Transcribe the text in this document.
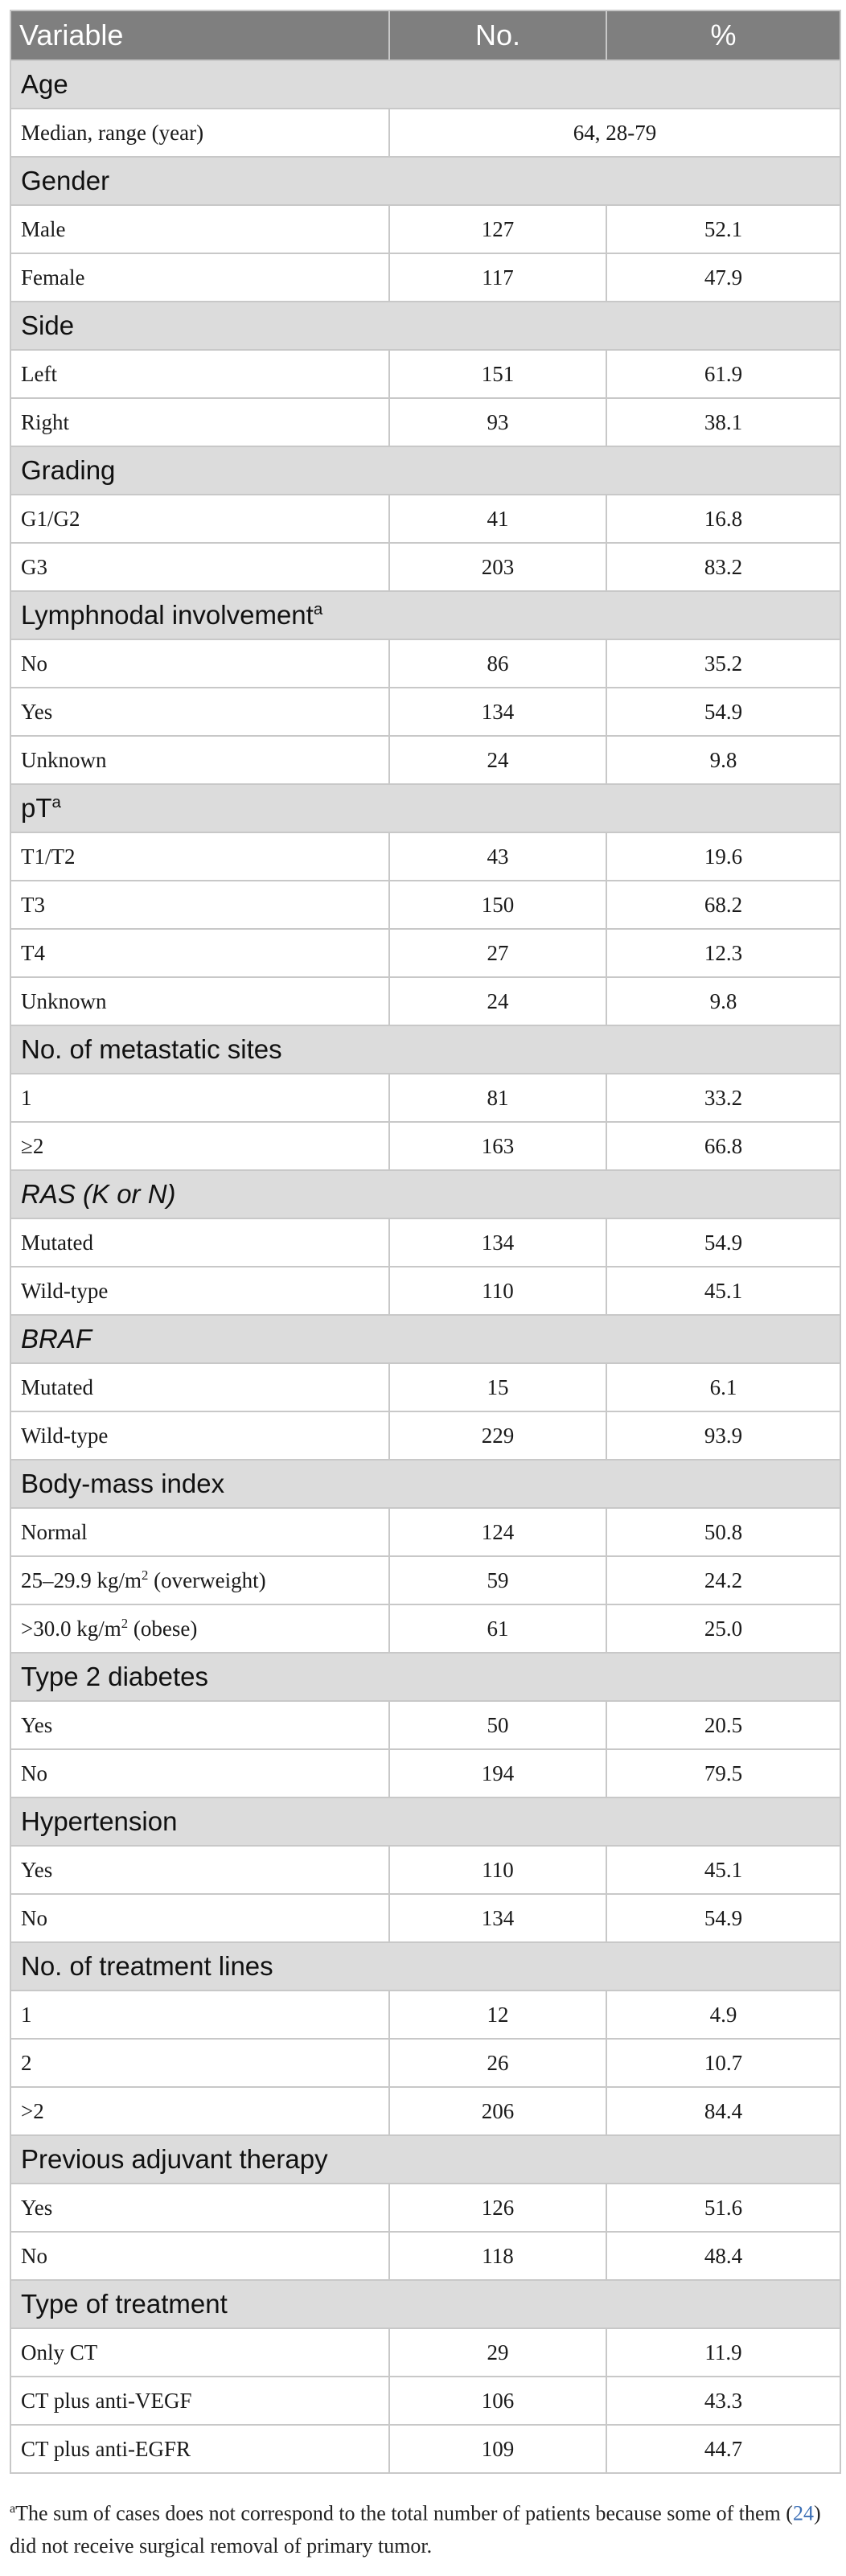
Variable	No.	%
Age		
Median, range (year)	64, 28-79	
Gender		
Male	127	52.1
Female	117	47.9
Side		
Left	151	61.9
Right	93	38.1
Grading		
G1/G2	41	16.8
G3	203	83.2
Lymphnodal involvement$^a$
No	86	35.2
Yes	134	54.9
Unknown	24	9.8
$pT^a$
T1/T2	43	19.6
T3	150	68.2
T4	27	12.3
Unknown	24	9.8
No. of metastatic sites		
1	81	33.2
≥2	163	66.8
RAS (K or N)		
Mutated	134	54.9
Wild-type	110	45.1
BRAF		
Mutated	15	6.1
Wild-type	229	93.9
Body-mass index		
Normal	124	50.8
25–29.9 $kg/m^2$ (overweight)	59	24.2
>30.0 $kg/m^2$ (obese)	61	25.0
Type 2 diabetes		
Yes	50	20.5
No	194	79.5
Hypertension		
Yes	110	45.1
No	134	54.9
No. of treatment lines		
1	12	4.9
2	26	10.7
>2	206	84.4
Previous adjuvant therapy		
Yes	126	51.6
No	118	48.4
Type of treatment		
Only CT	29	11.9
CT plus anti-VEGF	106	43.3
CT plus anti-EGFR	109	44.7
$^a$The sum of cases does not correspond to the total number of patients because some of them (24) did not receive surgical removal of primary tumor.
